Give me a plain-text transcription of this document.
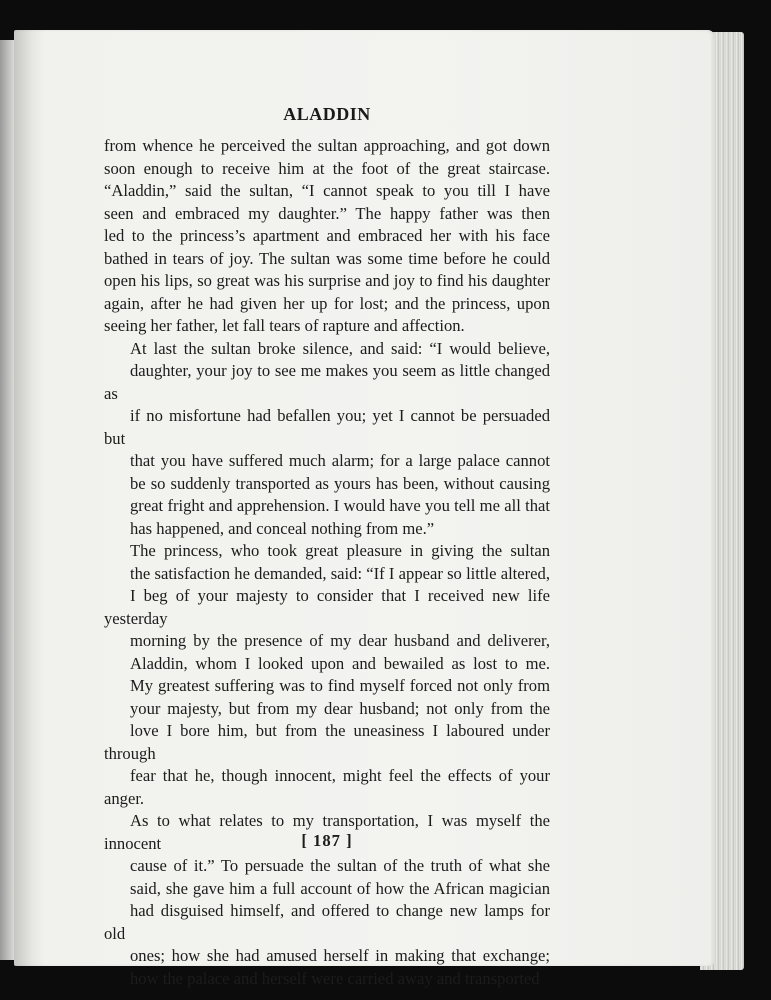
ALADDIN

from whence he perceived the sultan approaching, and got down
soon enough to receive him at the foot of the great staircase.
“Aladdin,” said the sultan, “I cannot speak to you till I have
seen and embraced my daughter.” The happy father was then
led to the princess’s apartment and embraced her with his face
bathed in tears of joy. The sultan was some time before he could
open his lips, so great was his surprise and joy to find his daughter
again, after he had given her up for lost; and the princess, upon
seeing her father, let fall tears of rapture and affection.

At last the sultan broke silence, and said: “I would believe,
daughter, your joy to see me makes you seem as little changed as
if no misfortune had befallen you; yet I cannot be persuaded but
that you have suffered much alarm; for a large palace cannot
be so suddenly transported as yours has been, without causing
great fright and apprehension. I would have you tell me all that
has happened, and conceal nothing from me.”

The princess, who took great pleasure in giving the sultan
the satisfaction he demanded, said: “If I appear so little altered,
I beg of your majesty to consider that I received new life yesterday
morning by the presence of my dear husband and deliverer,
Aladdin, whom I looked upon and bewailed as lost to me.
My greatest suffering was to find myself forced not only from
your majesty, but from my dear husband; not only from the
love I bore him, but from the uneasiness I laboured under through
fear that he, though innocent, might feel the effects of your anger.
As to what relates to my transportation, I was myself the innocent
cause of it.” To persuade the sultan of the truth of what she
said, she gave him a full account of how the African magician
had disguised himself, and offered to change new lamps for old
ones; how she had amused herself in making that exchange;
how the palace and herself were carried away and transported

[ 187 ]
